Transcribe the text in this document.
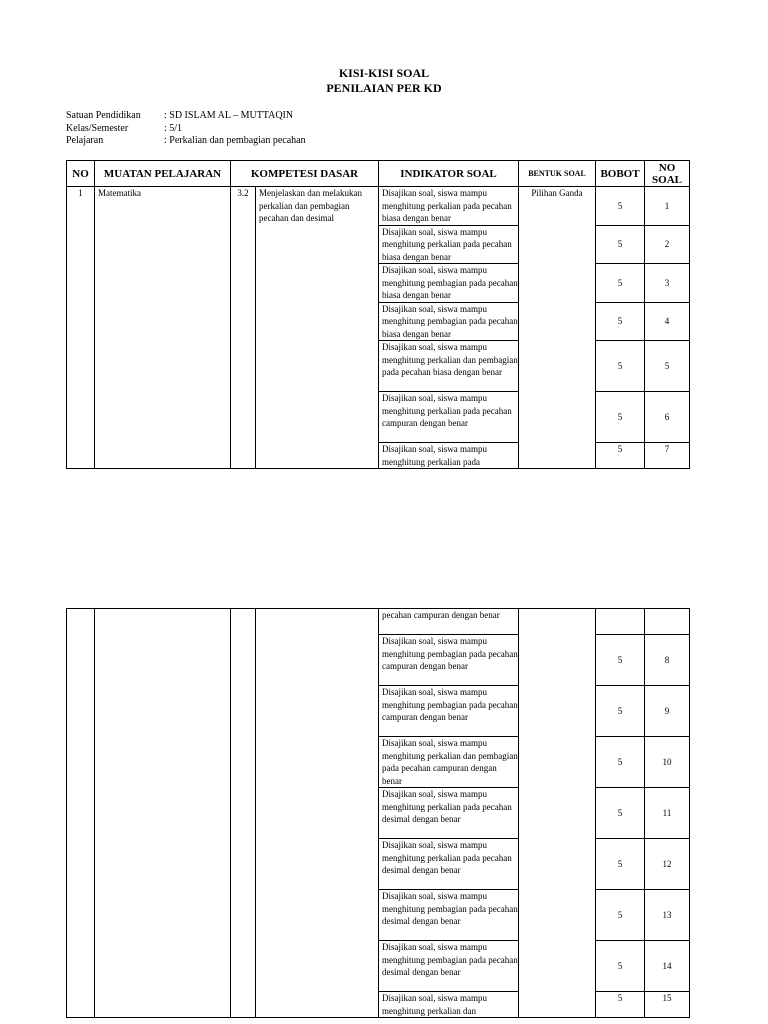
KISI-KISI SOAL
PENILAIAN PER KD
Satuan Pendidikan : SD ISLAM AL – MUTTAQIN
Kelas/Semester	: 5/1
Pelajaran	: Perkalian dan pembagian pecahan
NO	MUATAN PELAJARAN	KOMPETESI DASAR		INDIKATOR SOAL	BENTUK SOAL	BOBOT	NO SOAL
1	Matematika	3.2	Menjelaskan dan melakukan perkalian dan pembagian pecahan dan desimal	Disajikan soal, siswa mampu menghitung perkalian pada pecahan biasa dengan benar	Pilihan Ganda	5	1
				Disajikan soal, siswa mampu menghitung perkalian pada pecahan biasa dengan benar		5	2
				Disajikan soal, siswa mampu menghitung pembagian pada pecahan biasa dengan benar		5	3
				Disajikan soal, siswa mampu menghitung pembagian pada pecahan biasa dengan benar		5	4
				Disajikan soal, siswa mampu menghitung perkalian dan pembagian pada pecahan biasa dengan benar		5	5
				Disajikan soal, siswa mampu menghitung perkalian pada pecahan campuran dengan benar		5	6
				Disajikan soal, siswa mampu menghitung perkalian pada		5	7
				pecahan campuran dengan benar			
				Disajikan soal, siswa mampu menghitung pembagian pada pecahan campuran dengan benar		5	8
				Disajikan soal, siswa mampu menghitung pembagian pada pecahan campuran dengan benar		5	9
				Disajikan soal, siswa mampu menghitung perkalian dan pembagian pada pecahan campuran dengan benar		5	10
				Disajikan soal, siswa mampu menghitung perkalian pada pecahan desimal dengan benar		5	11
				Disajikan soal, siswa mampu menghitung perkalian pada pecahan desimal dengan benar		5	12
				Disajikan soal, siswa mampu menghitung pembagian pada pecahan desimal dengan benar		5	13
				Disajikan soal, siswa mampu menghitung pembagian pada pecahan desimal dengan benar		5	14
				Disajikan soal, siswa mampu menghitung perkalian dan		5	15
